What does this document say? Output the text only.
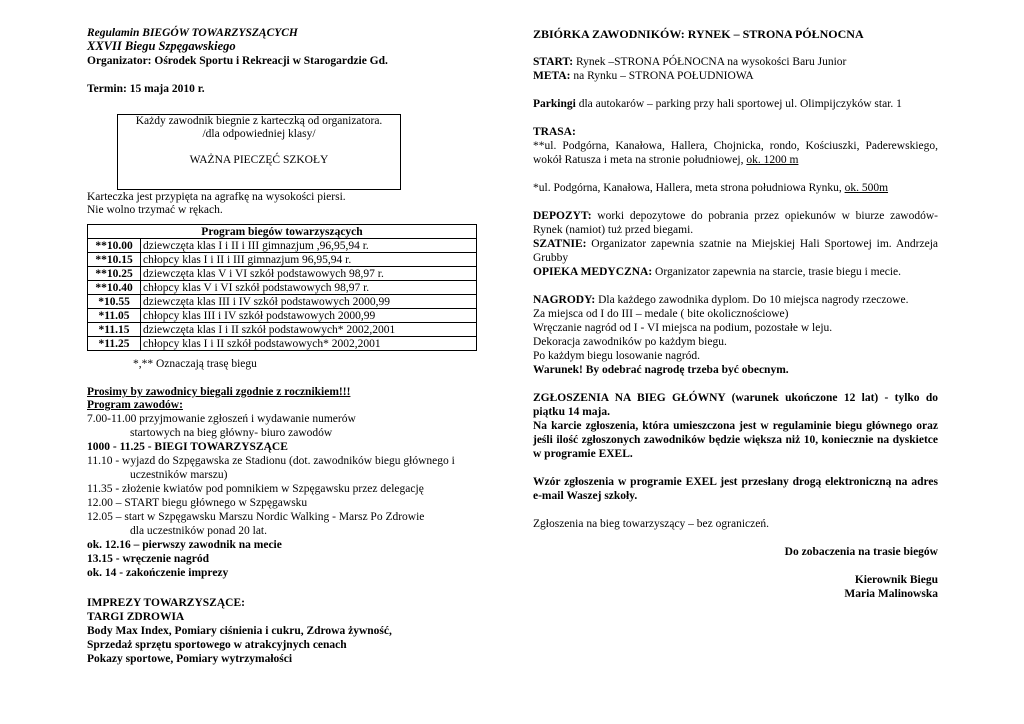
Regulamin BIEGÓW TOWARZYSZĄCYCH
XXVII Biegu Szpęgawskiego
Organizator: Ośrodek Sportu i Rekreacji w Starogardzie Gd.
Termin: 15 maja 2010 r.
Każdy zawodnik biegnie z karteczką od organizatora.
/dla odpowiedniej klasy/
WAŻNA PIECZĘĆ SZKOŁY
Karteczka jest przypięta na agrafkę na wysokości piersi.
Nie wolno trzymać w rękach.
Program biegów towarzyszących	
**10.00	dziewczęta klas I i II i III gimnazjum ,96,95,94 r.
**10.15	chłopcy klas I i II i III gimnazjum 96,95,94 r.
**10.25	dziewczęta klas V i VI szkół podstawowych 98,97 r.
**10.40	chłopcy klas V i VI szkół podstawowych 98,97 r.
*10.55	dziewczęta klas III i IV szkół podstawowych 2000,99
*11.05	chłopcy klas III i IV szkół podstawowych 2000,99
*11.15	dziewczęta klas I i II szkół podstawowych* 2002,2001
*11.25	chłopcy klas I i II szkół podstawowych* 2002,2001
*,** Oznaczają trasę biegu
Prosimy by zawodnicy biegali zgodnie z rocznikiem!!!
Program zawodów:
7.00-11.00 przyjmowanie zgłoszeń i wydawanie numerów
startowych na bieg główny- biuro zawodów
1000 - 11.25 - BIEGI TOWARZYSZĄCE
11.10 - wyjazd do Szpęgawska ze Stadionu (dot. zawodników biegu głównego i
uczestników marszu)
11.35 - złożenie kwiatów pod pomnikiem w Szpęgawsku przez delegację
12.00 – START biegu głównego w Szpęgawsku
12.05 – start w Szpęgawsku Marszu Nordic Walking - Marsz Po Zdrowie
dla uczestników ponad 20 lat.
ok. 12.16 – pierwszy zawodnik na mecie
13.15 - wręczenie nagród
ok. 14 - zakończenie imprezy
IMPREZY TOWARZYSZĄCE:
TARGI ZDROWIA
Body Max Index, Pomiary ciśnienia i cukru, Zdrowa żywność,
Sprzedaż sprzętu sportowego w atrakcyjnych cenach
Pokazy sportowe, Pomiary wytrzymałości
ZBIÓRKA ZAWODNIKÓW: RYNEK – STRONA PÓŁNOCNA
START: Rynek –STRONA PÓŁNOCNA na wysokości Baru Junior
META: na Rynku – STRONA POŁUDNIOWA
Parkingi dla autokarów – parking przy hali sportowej ul. Olimpijczyków star. 1
TRASA:
**ul. Podgórna, Kanałowa, Hallera, Chojnicka, rondo, Kościuszki, Paderewskiego, wokół Ratusza i meta na stronie południowej, ok. 1200 m
*ul. Podgórna, Kanałowa, Hallera, meta strona południowa Rynku, ok. 500m
DEPOZYT: worki depozytowe do pobrania przez opiekunów w biurze zawodów- Rynek (namiot) tuż przed biegami.
SZATNIE: Organizator zapewnia szatnie na Miejskiej Hali Sportowej im. Andrzeja Grubby
OPIEKA MEDYCZNA: Organizator zapewnia na starcie, trasie biegu i mecie.
NAGRODY: Dla każdego zawodnika dyplom. Do 10 miejsca nagrody rzeczowe.
Za miejsca od I do III – medale ( bite okolicznościowe)
Wręczanie nagród od I - VI miejsca na podium, pozostałe w leju.
Dekoracja zawodników po każdym biegu.
Po każdym biegu losowanie nagród.
Warunek! By odebrać nagrodę trzeba być obecnym.
ZGŁOSZENIA NA BIEG GŁÓWNY (warunek ukończone 12 lat) - tylko do piątku 14 maja.
Na karcie zgłoszenia, która umieszczona jest w regulaminie biegu głównego oraz jeśli ilość zgłoszonych zawodników będzie większa niż 10, koniecznie na dyskietce w programie EXEL.
Wzór zgłoszenia w programie EXEL jest przesłany drogą elektroniczną na adres e-mail Waszej szkoły.
Zgłoszenia na bieg towarzyszący – bez ograniczeń.
Do zobaczenia na trasie biegów
Kierownik Biegu
Maria Malinowska
